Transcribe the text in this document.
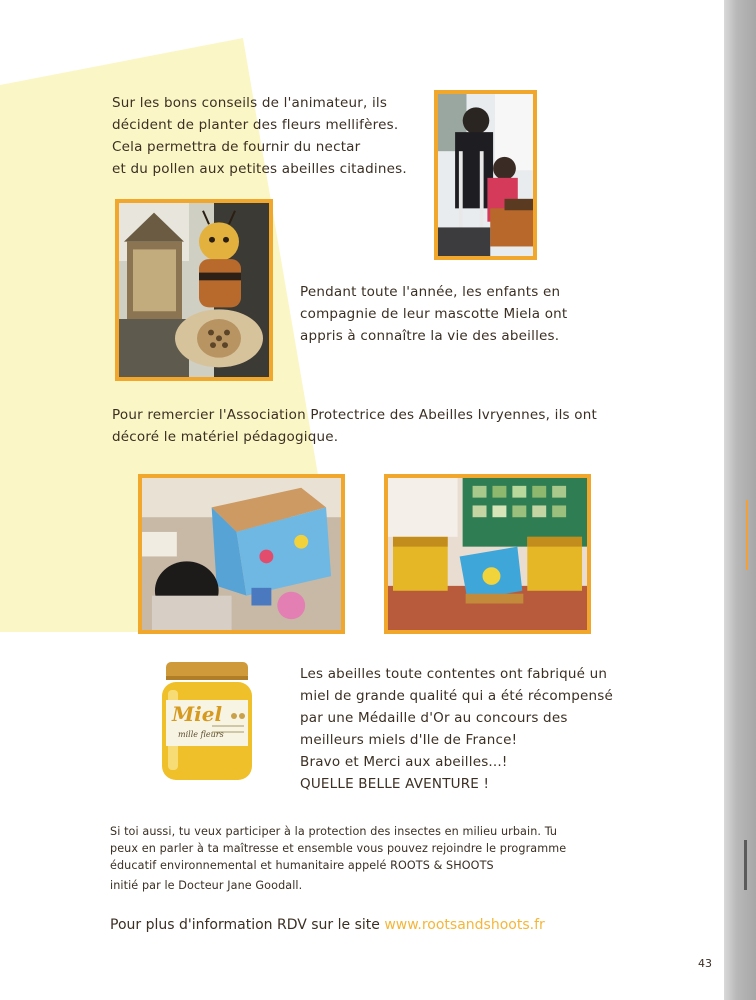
Sur les bons conseils de l'animateur, ils
décident de planter des fleurs mellifères.
Cela permettra de fournir du nectar
et du pollen aux petites abeilles citadines.
Pendant toute l'année, les enfants en
compagnie de leur mascotte Miela ont
appris à connaître la vie des abeilles.
Pour remercier l'Association Protectrice des Abeilles Ivryennes, ils ont
décoré le matériel pédagogique.
Miel
mille fleurs
Les abeilles toute contentes ont fabriqué un
miel de grande qualité qui a été récompensé
par une Médaille d'Or au concours des
meilleurs miels d'Ile de France!
Bravo et Merci aux abeilles...!
QUELLE BELLE AVENTURE !
Si toi aussi, tu veux participer à la protection des insectes en milieu urbain. Tu
peux en parler à ta maîtresse et ensemble vous pouvez rejoindre le programme
éducatif environnemental et humanitaire appelé ROOTS & SHOOTS
initié par le Docteur Jane Goodall.
Pour plus d'information RDV sur le site www.rootsandshoots.fr
43
